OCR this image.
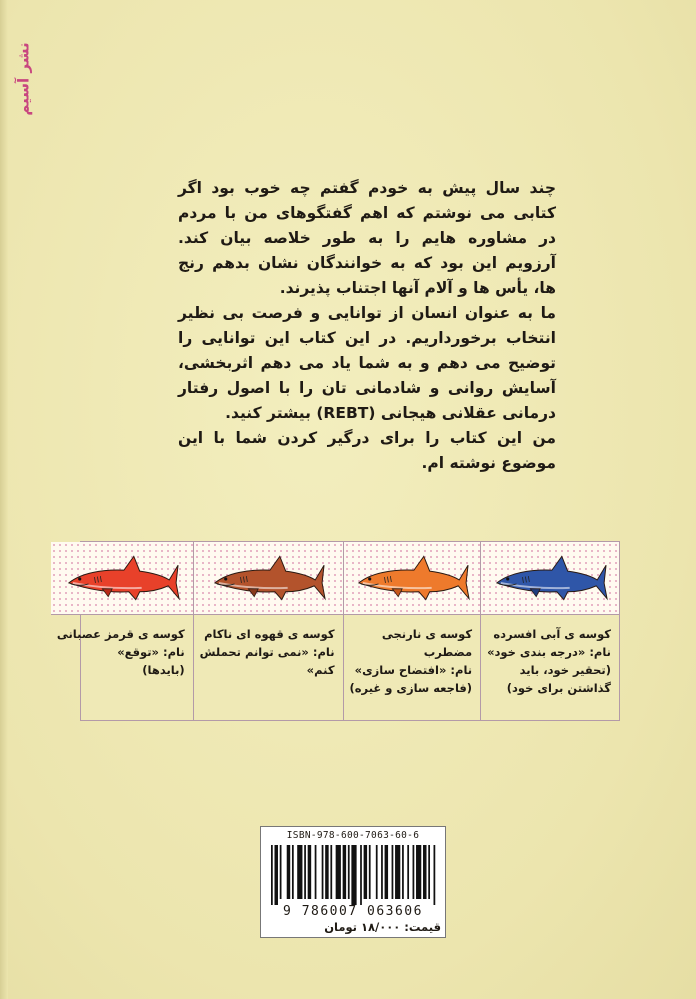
نشر آسیم

چند سال پیش به خودم گفتم چه خوب بود اگر کتابی می نوشتم که اهم گفتگوهای من با مردم در مشاوره هایم را به طور خلاصه بیان کند. آرزویم این بود که به خوانندگان نشان بدهم رنج ها، یأس ها و آلام آنها اجتناب پذیرند.

ما به عنوان انسان از توانایی و فرصت بی نظیر انتخاب برخورداریم. در این کتاب این توانایی را توضیح می دهم و به شما یاد می دهم اثربخشی، آسایش روانی و شادمانی تان را با اصول رفتار درمانی عقلانی هیجانی (REBT) بیشتر کنید.

من این کتاب را برای درگیر کردن شما با این موضوع نوشته ام.

کوسه ی آبی افسرده
نام: «درجه بندی خود»
(تحقیر خود، باید
گذاشتن برای خود)
کوسه ی نارنجی
مضطرب
نام: «افتضاح سازی»
(فاجعه سازی و غیره)
کوسه ی قهوه ای ناکام
نام: «نمی توانم تحملش
کنم»
کوسه ی قرمز عصبانی
نام: «توقع»
(بایدها)
ISBN-978-600-7063-60-6
9 786007 063606
قیمت: ۱۸/۰۰۰ تومان
